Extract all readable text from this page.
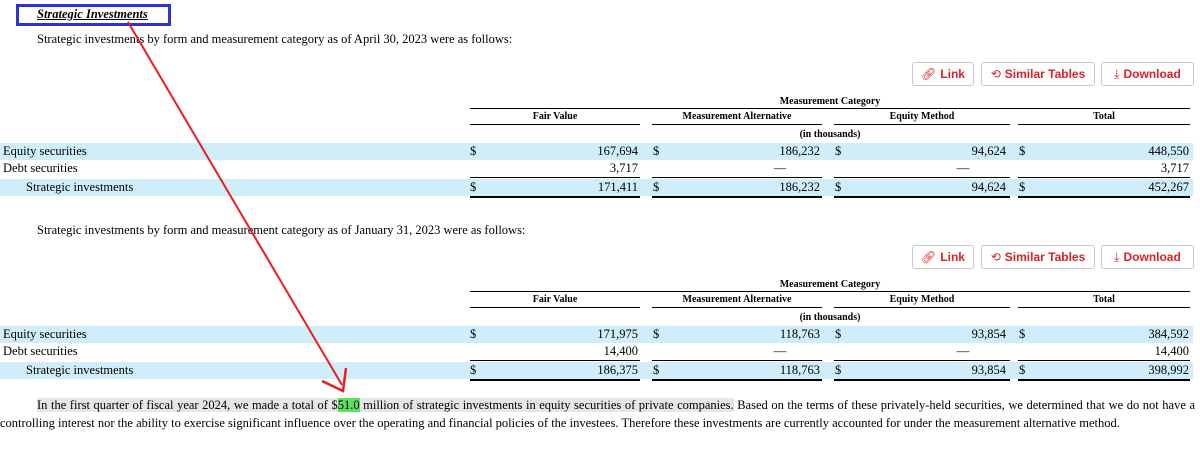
Strategic Investments
Strategic investments by form and measurement category as of April 30, 2023 were as follows:
🔗︎ Link ⟲ Similar Tables ⤓ Download
Measurement Category
Fair Value	Measurement Alternative	Equity Method	Total
(in thousands)
Equity securities	$	167,694 $	186,232 $	94,624 $	448,550
Debt securities	3,717	—	—	3,717
Strategic investments	$	171,411 $	186,232 $	94,624 $	452,267
Strategic investments by form and measurement category as of January 31, 2023 were as follows:
🔗︎ Link ⟲ Similar Tables ⤓ Download
Measurement Category
Fair Value	Measurement Alternative	Equity Method	Total
(in thousands)
Equity securities	$	171,975 $	118,763 $	93,854 $	384,592
Debt securities	14,400	—	—	14,400
Strategic investments	$	186,375 $	118,763 $	93,854 $	398,992
In the first quarter of fiscal year 2024, we made a total of $51.0 million of strategic investments in equity securities of private companies. Based on the terms of these privately-held securities, we determined that we do not have a controlling interest nor the ability to exercise significant influence over the operating and financial policies of the investees. Therefore these investments are currently accounted for under the measurement alternative method.
